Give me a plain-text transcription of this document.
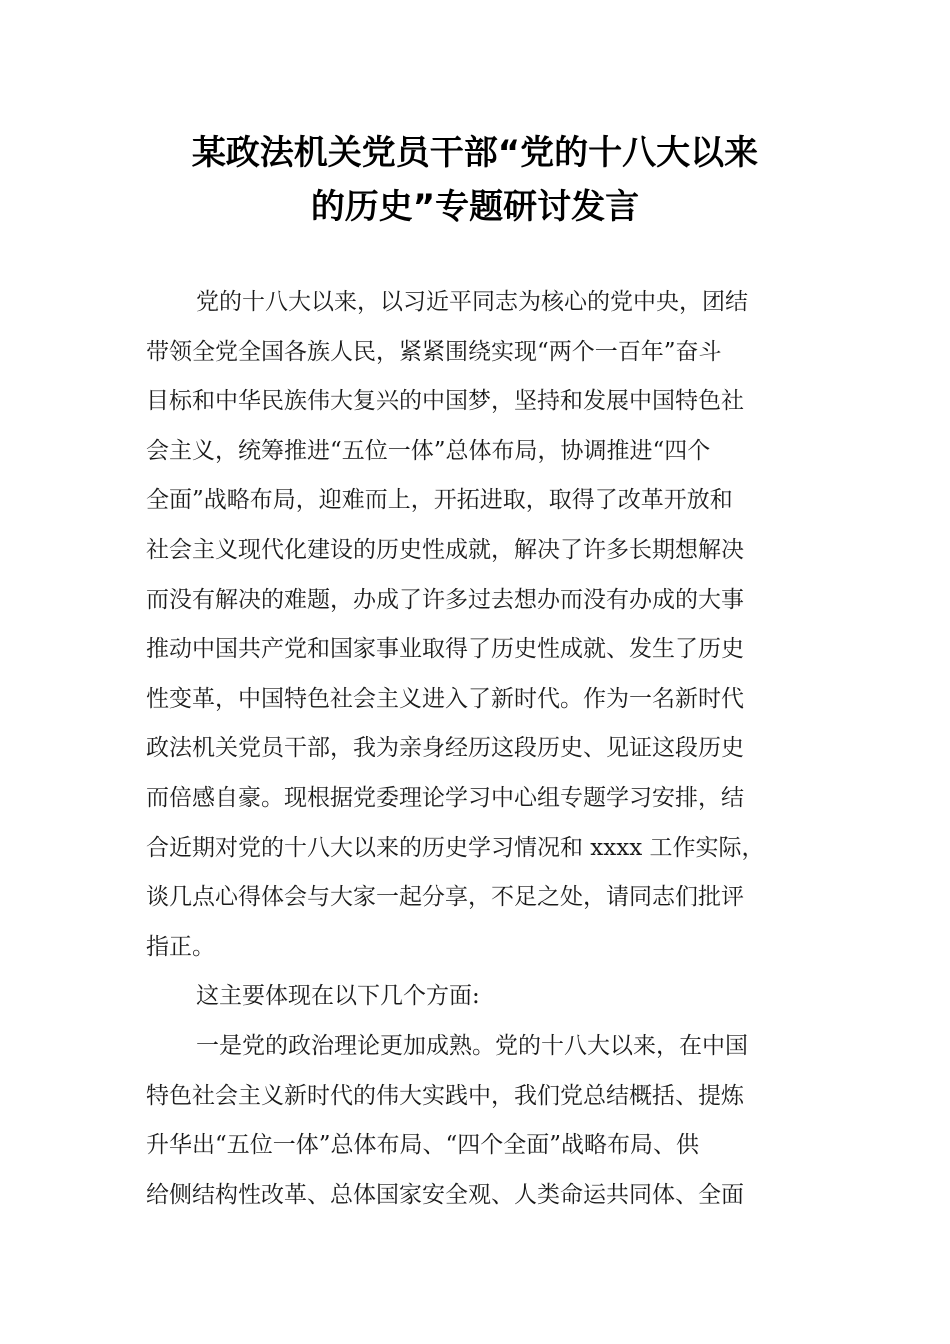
某政法机关党员干部“党的十八大以来
的历史”专题研讨发言
党的十八大以来，以习近平同志为核心的党中央，团结
带领全党全国各族人民，紧紧围绕实现“两个一百年”奋斗
目标和中华民族伟大复兴的中国梦，坚持和发展中国特色社
会主义，统筹推进“五位一体”总体布局，协调推进“四个
全面”战略布局，迎难而上，开拓进取，取得了改革开放和
社会主义现代化建设的历史性成就，解决了许多长期想解决
而没有解决的难题，办成了许多过去想办而没有办成的大事
推动中国共产党和国家事业取得了历史性成就、发生了历史
性变革，中国特色社会主义进入了新时代。作为一名新时代
政法机关党员干部，我为亲身经历这段历史、见证这段历史
而倍感自豪。现根据党委理论学习中心组专题学习安排，结
合近期对党的十八大以来的历史学习情况和 xxxx 工作实际，
谈几点心得体会与大家一起分享，不足之处，请同志们批评
指正。
这主要体现在以下几个方面:
一是党的政治理论更加成熟。党的十八大以来，在中国
特色社会主义新时代的伟大实践中，我们党总结概括、提炼
升华出“五位一体”总体布局、“四个全面”战略布局、供
给侧结构性改革、总体国家安全观、人类命运共同体、全面
